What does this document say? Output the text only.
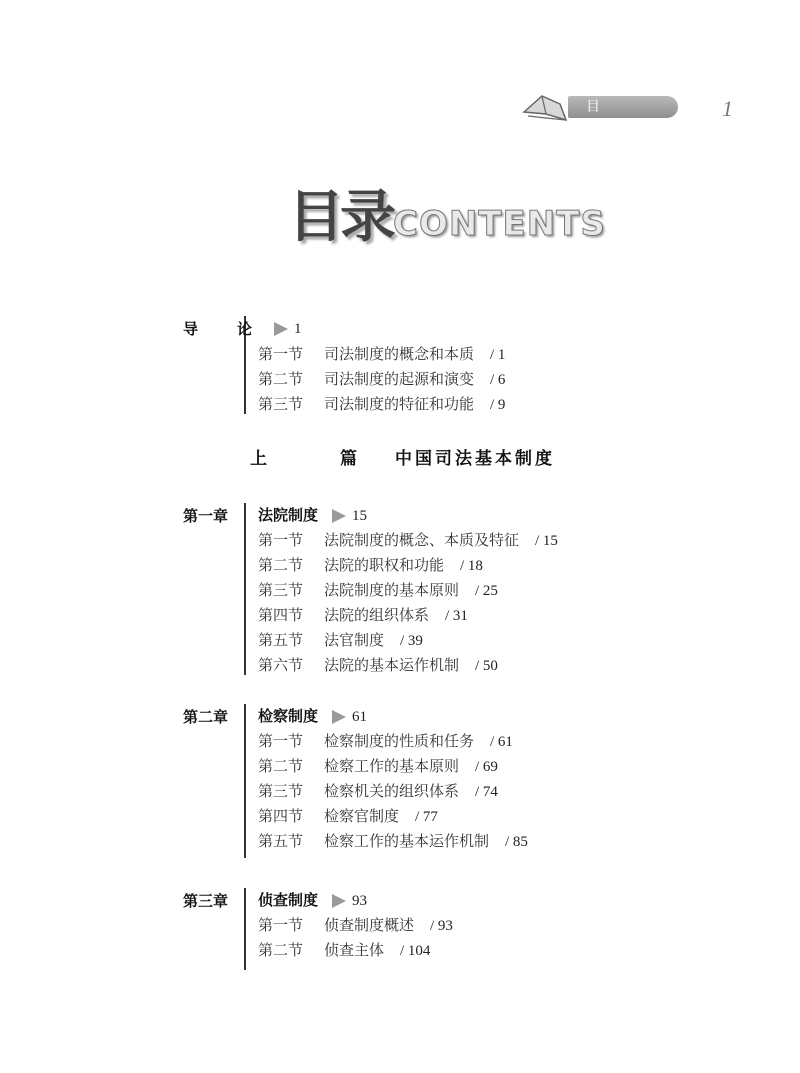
目　录
1
目录 CONTENTS
导　论	1
第一节 司法制度的概念和本质 / 1
第二节 司法制度的起源和演变 / 6
第三节 司法制度的特征和功能 / 9
上　篇 中国司法基本制度
第一章 法院制度 15
第一节 法院制度的概念、本质及特征 / 15
第二节 法院的职权和功能 / 18
第三节 法院制度的基本原则 / 25
第四节 法院的组织体系 / 31
第五节 法官制度 / 39
第六节 法院的基本运作机制 / 50
第二章 检察制度 61
第一节 检察制度的性质和任务 / 61
第二节 检察工作的基本原则 / 69
第三节 检察机关的组织体系 / 74
第四节 检察官制度 / 77
第五节 检察工作的基本运作机制 / 85
第三章 侦查制度 93
第一节 侦查制度概述 / 93
第二节 侦查主体 / 104
